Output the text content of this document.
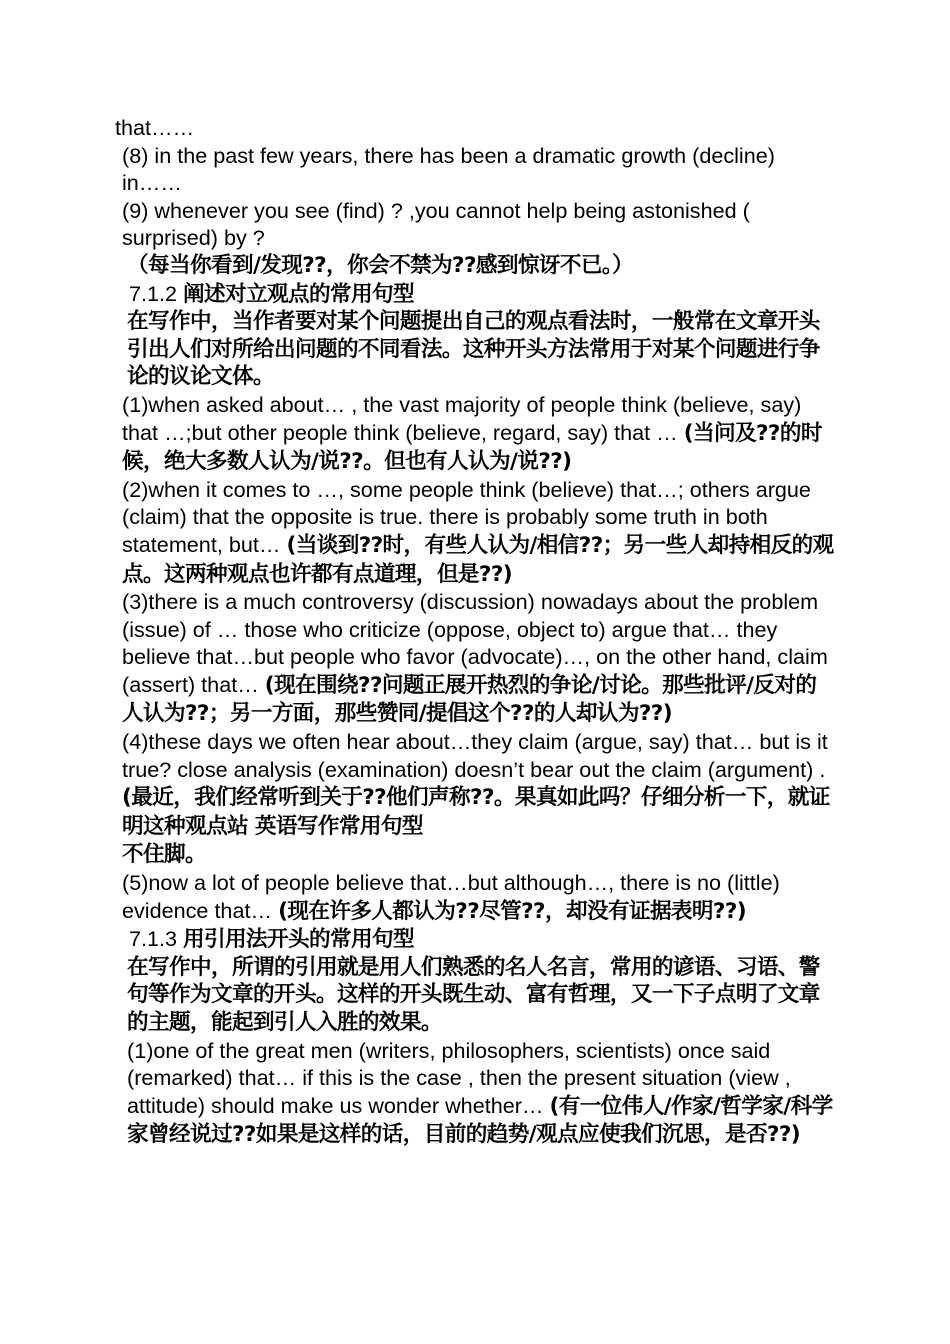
that……

(8) in the past few years, there has been a dramatic growth (decline) in……

(9) whenever you see (find) ? ,you cannot help being astonished ( surprised) by ?

（每当你看到/发现??，你会不禁为??感到惊讶不已。）

7.1.2 阐述对立观点的常用句型

在写作中，当作者要对某个问题提出自己的观点看法时，一般常在文章开头引出人们对所给出问题的不同看法。这种开头方法常用于对某个问题进行争论的议论文体。

(1)when asked about… , the vast majority of people think (believe, say) that …;but other people think (believe, regard, say) that … (当问及??的时候，绝大多数人认为/说??。但也有人认为/说??)

(2)when it comes to …, some people think (believe) that…; others argue (claim) that the opposite is true. there is probably some truth in both statement, but… (当谈到??时，有些人认为/相信??；另一些人却持相反的观点。这两种观点也许都有点道理，但是??)

(3)there is a much controversy (discussion) nowadays about the problem (issue) of … those who criticize (oppose, object to) argue that… they believe that…but people who favor (advocate)…, on the other hand, claim (assert) that… (现在围绕??问题正展开热烈的争论/讨论。那些批评/反对的人认为??；另一方面，那些赞同/提倡这个??的人却认为??)

(4)these days we often hear about…they claim (argue, say) that… but is it true? close analysis (examination) doesn’t bear out the claim (argument) . (最近，我们经常听到关于??他们声称??。果真如此吗？仔细分析一下，就证明这种观点站 英语写作常用句型
不住脚。

(5)now a lot of people believe that…but although…, there is no (little) evidence that… (现在许多人都认为??尽管??，却没有证据表明??)

7.1.3 用引用法开头的常用句型

在写作中，所谓的引用就是用人们熟悉的名人名言，常用的谚语、习语、警句等作为文章的开头。这样的开头既生动、富有哲理，又一下子点明了文章的主题，能起到引人入胜的效果。

(1)one of the great men (writers, philosophers, scientists) once said (remarked) that… if this is the case , then the present situation (view , attitude) should make us wonder whether… (有一位伟人/作家/哲学家/科学家曾经说过??如果是这样的话，目前的趋势/观点应使我们沉思，是否??)
